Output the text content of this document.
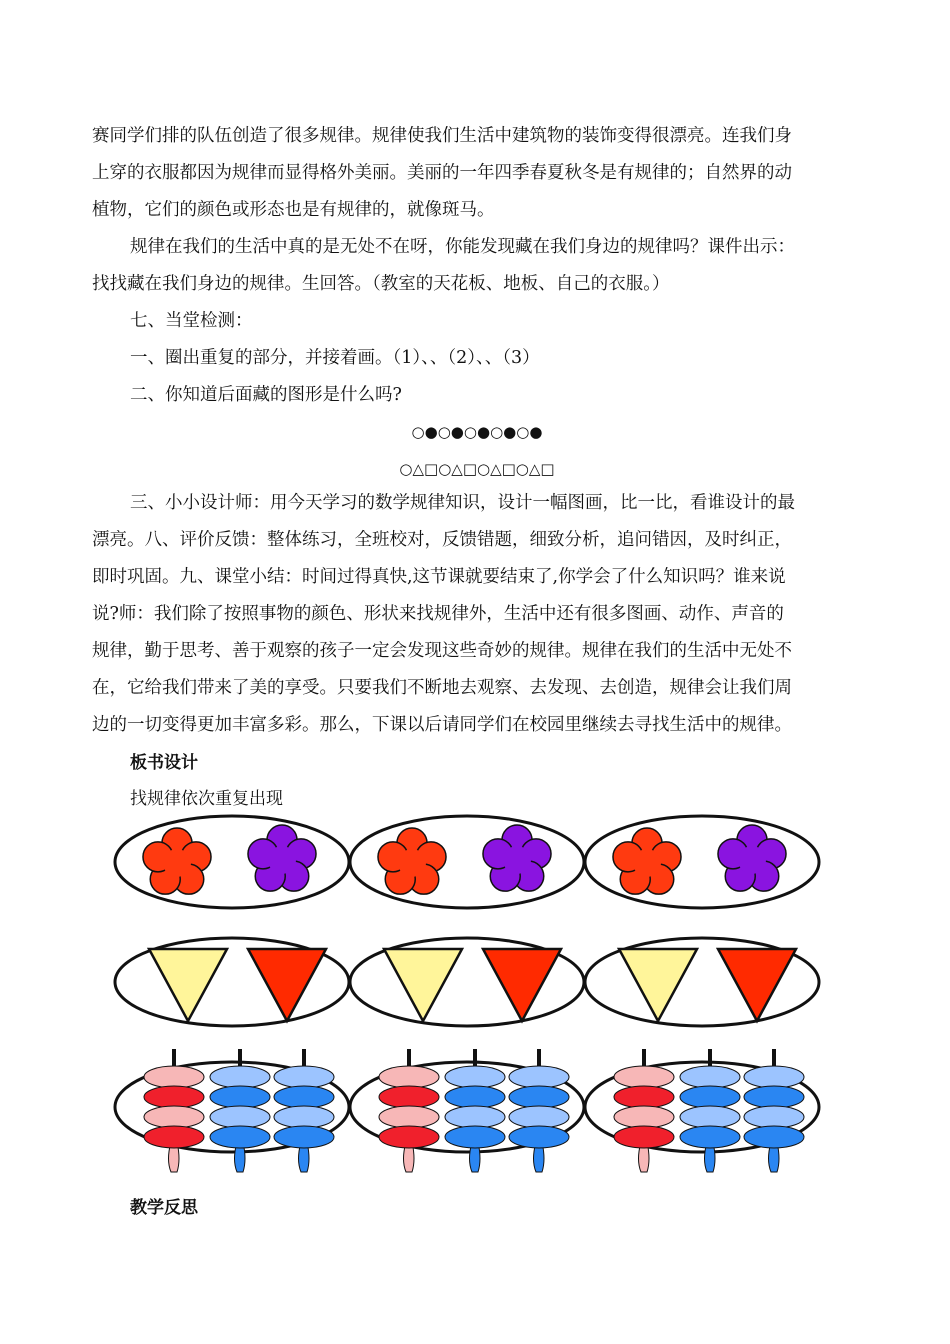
赛同学们排的队伍创造了很多规律。规律使我们生活中建筑物的装饰变得很漂亮。连我们身
上穿的衣服都因为规律而显得格外美丽。美丽的一年四季春夏秋冬是有规律的；自然界的动
植物，它们的颜色或形态也是有规律的，就像斑马。

规律在我们的生活中真的是无处不在呀，你能发现藏在我们身边的规律吗？课件出示：
找找藏在我们身边的规律。生回答。（教室的天花板、地板、自己的衣服。）

七、当堂检测：

一、圈出重复的部分，并接着画。（1）、、（2）、、（3）

二、你知道后面藏的图形是什么吗?

○●○●○●○●○●
○△□○△□○△□○△□

三、小小设计师：用今天学习的数学规律知识，设计一幅图画，比一比，看谁设计的最
漂亮。八、评价反馈：整体练习，全班校对，反馈错题，细致分析，追问错因，及时纠正，
即时巩固。九、课堂小结：时间过得真快,这节课就要结束了,你学会了什么知识吗？谁来说
说?师：我们除了按照事物的颜色、形状来找规律外，生活中还有很多图画、动作、声音的
规律，勤于思考、善于观察的孩子一定会发现这些奇妙的规律。规律在我们的生活中无处不
在，它给我们带来了美的享受。只要我们不断地去观察、去发现、去创造，规律会让我们周
边的一切变得更加丰富多彩。那么，下课以后请同学们在校园里继续去寻找生活中的规律。

板书设计
找规律依次重复出现
教学反思
